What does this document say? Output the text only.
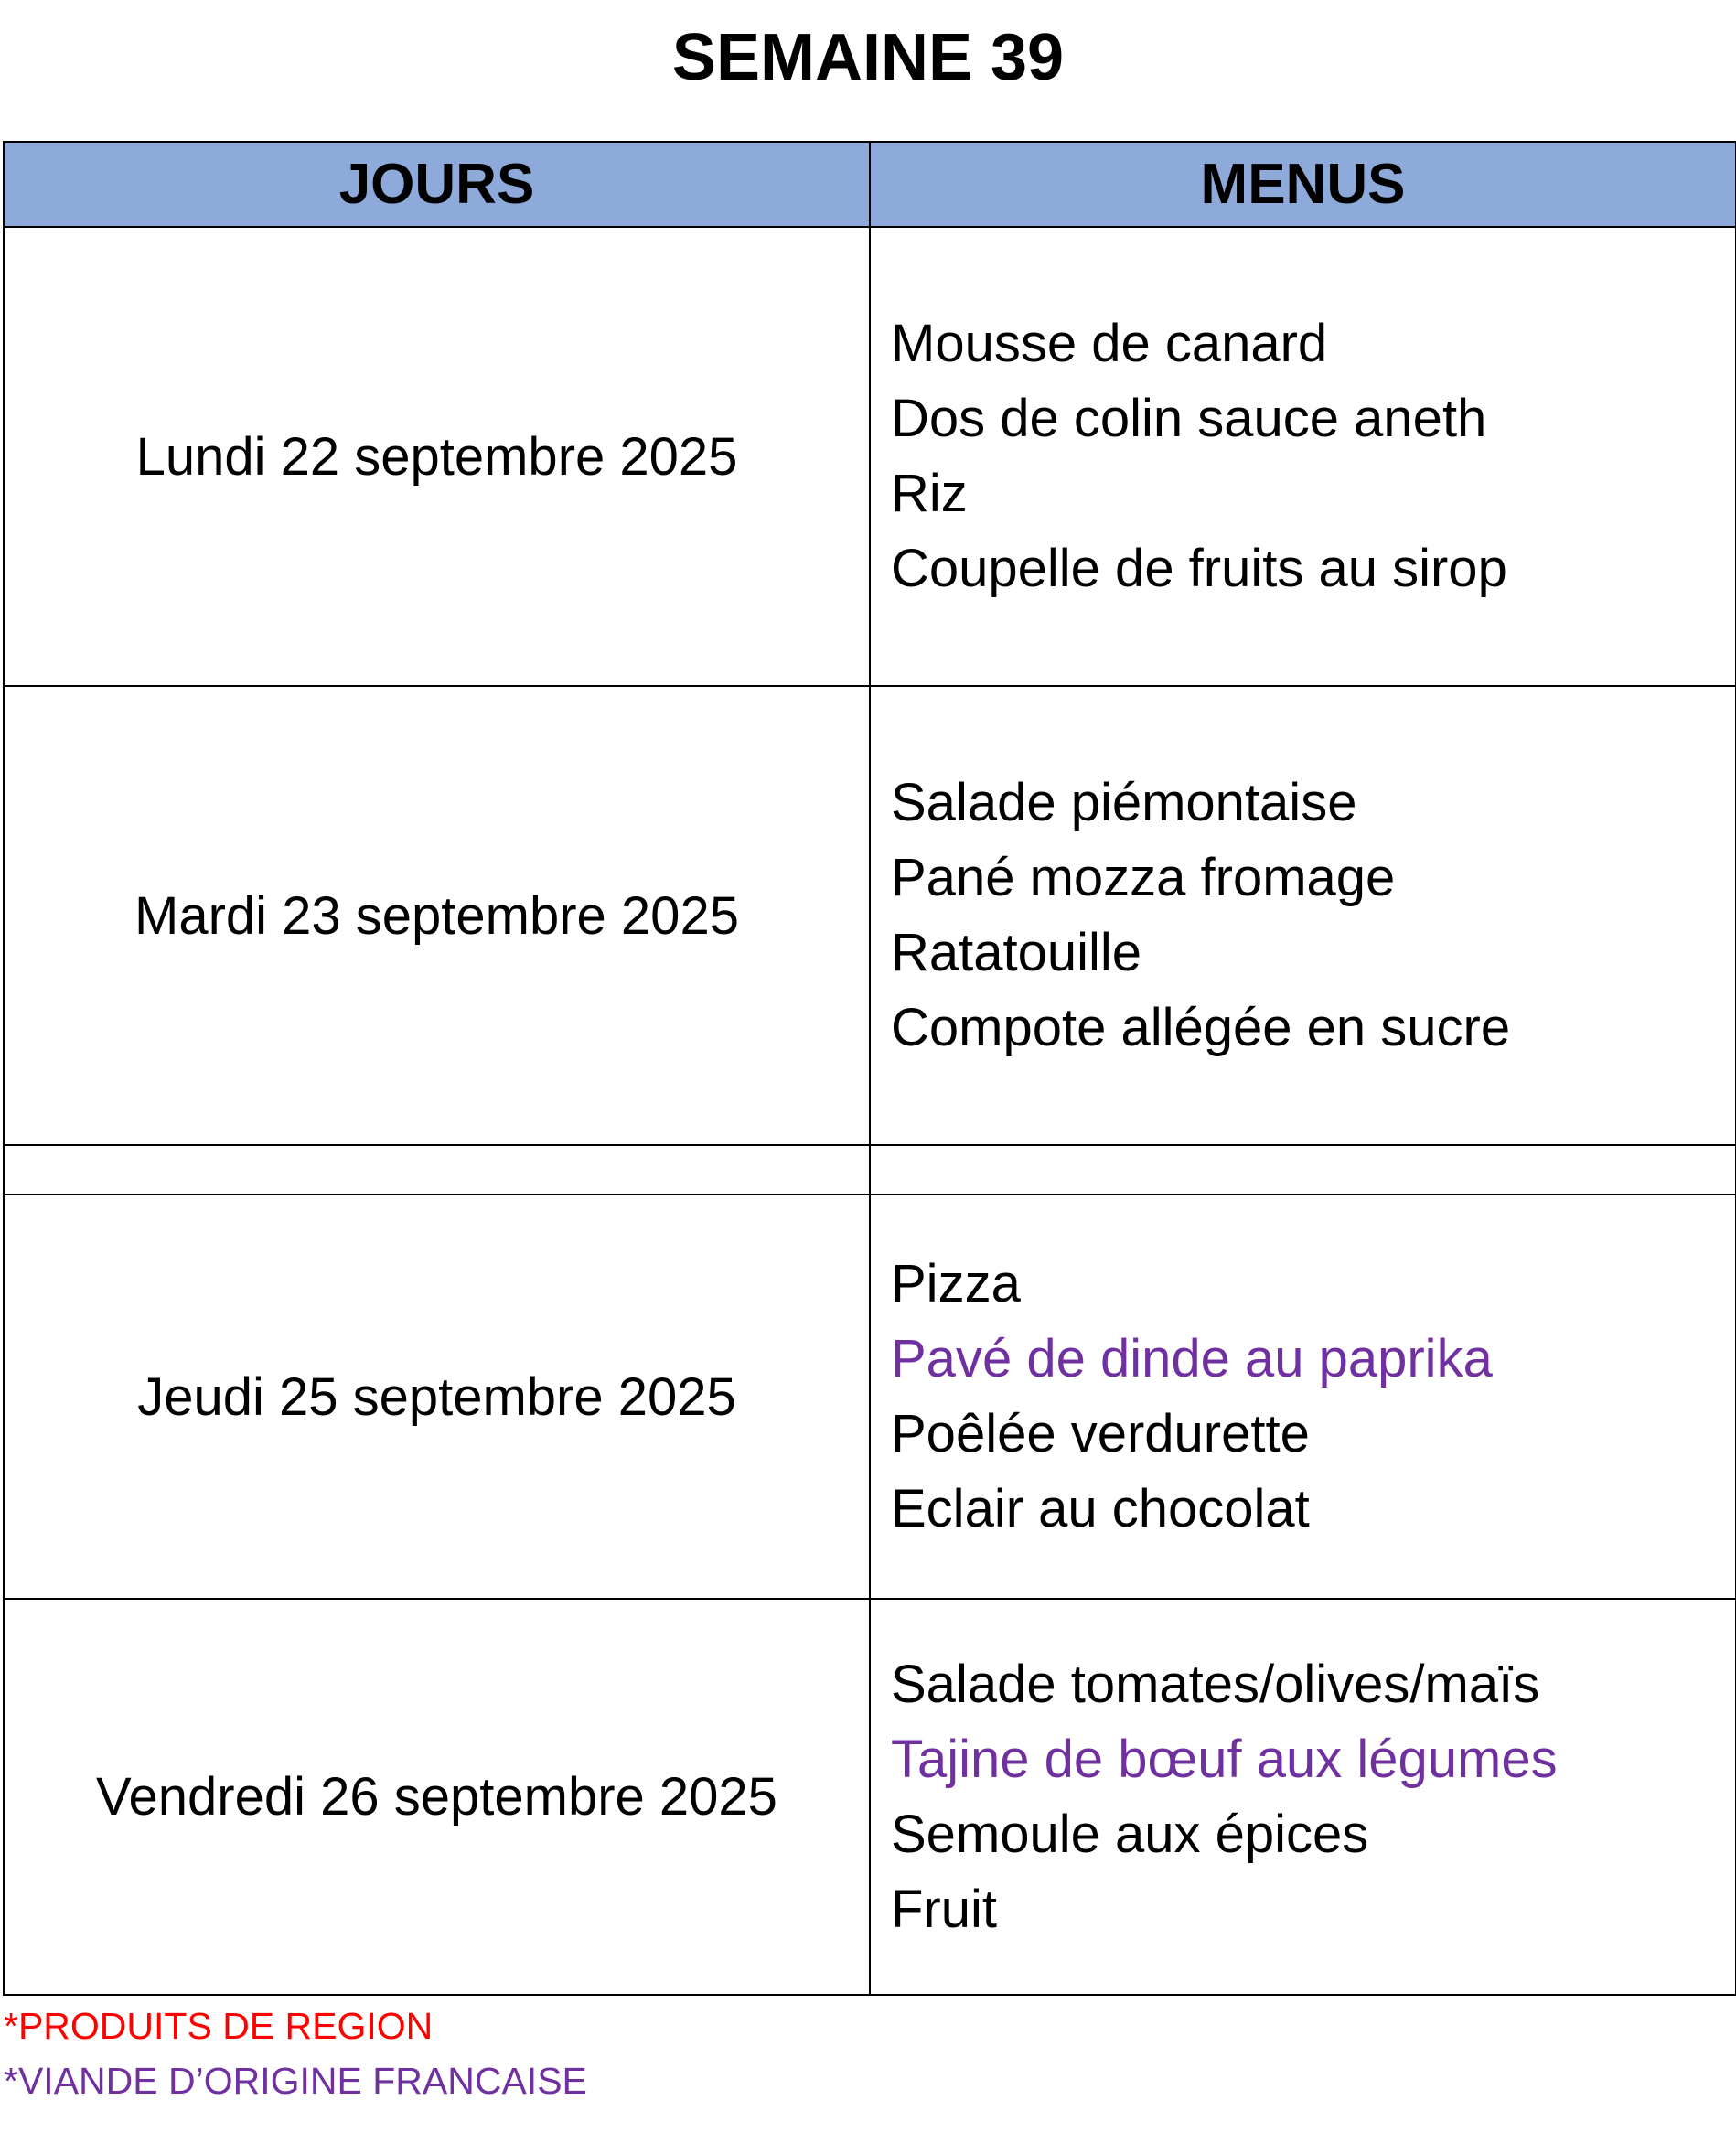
SEMAINE 39
JOURS	MENUS
Lundi 22 septembre 2025	Mousse de canard
Dos de colin sauce aneth
Riz
Coupelle de fruits au sirop

Mardi 23 septembre 2025	Salade piémontaise
Pané mozza fromage
Ratatouille
Compote allégée en sucre

Jeudi 25 septembre 2025	Pizza
Pavé de dinde au paprika
Poêlée verdurette
Eclair au chocolat

Vendredi 26 septembre 2025	Salade tomates/olives/maïs
Tajine de bœuf aux légumes
Semoule aux épices
Fruit
*PRODUITS DE REGION
*VIANDE D’ORIGINE FRANCAISE
